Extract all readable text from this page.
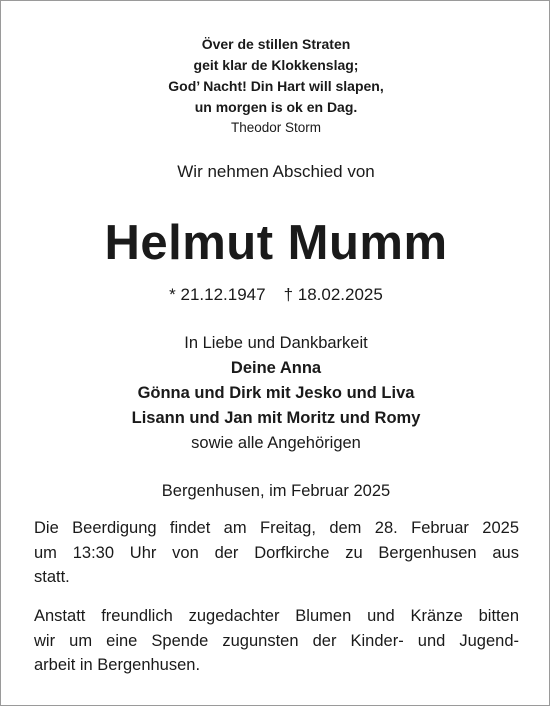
Över de stillen Straten
geit klar de Klokkenslag;
God’ Nacht! Din Hart will slapen,
un morgen is ok en Dag.
Theodor Storm
Wir nehmen Abschied von
Helmut Mumm
* 21.12.1947 † 18.02.2025
In Liebe und Dankbarkeit
Deine Anna
Gönna und Dirk mit Jesko und Liva
Lisann und Jan mit Moritz und Romy
sowie alle Angehörigen
Bergenhusen, im Februar 2025
Die Beerdigung findet am Freitag, dem 28. Februar 2025
um 13:30 Uhr von der Dorfkirche zu Bergenhusen aus
statt.
Anstatt freundlich zugedachter Blumen und Kränze bitten
wir um eine Spende zugunsten der Kinder- und Jugend-
arbeit in Bergenhusen.
